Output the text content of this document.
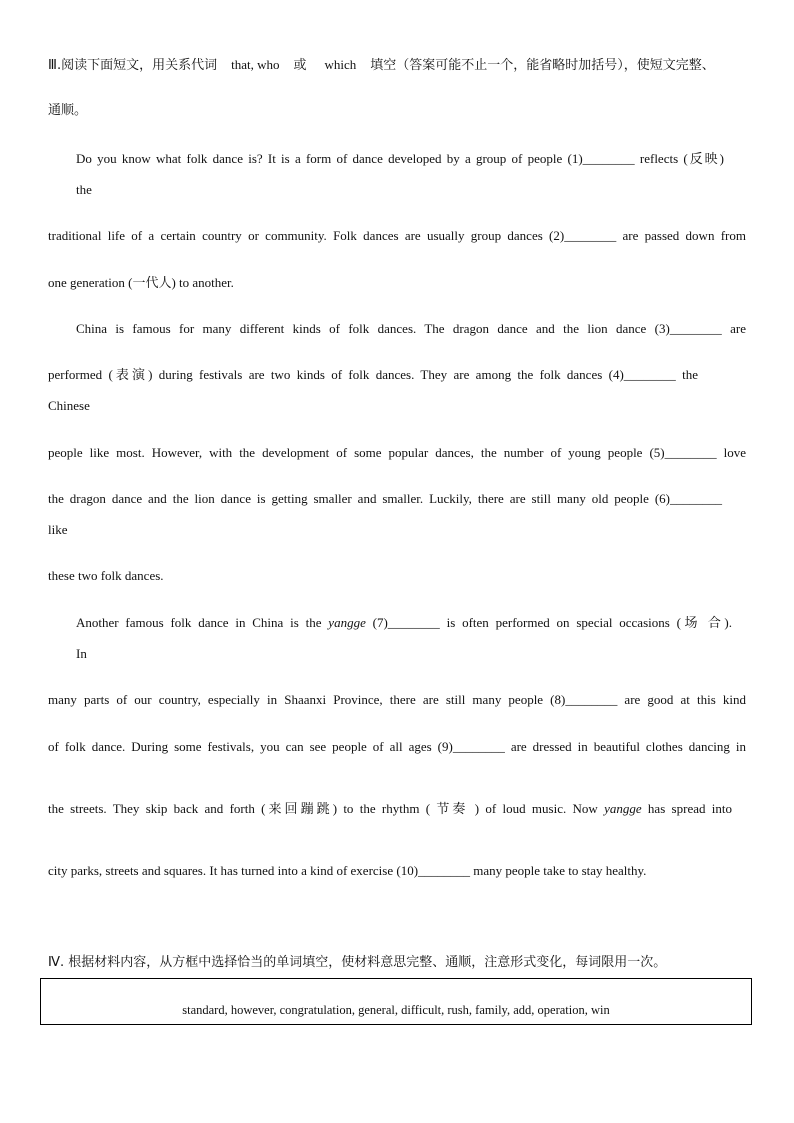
Ⅲ.阅读下面短文，用关系代词 that, who 或 which 填空（答案可能不止一个，能省略时加括号），使短文完整、
通顺。
Do you know what folk dance is? It is a form of dance developed by a group of people (1)________ reflects (反映)
the
traditional life of a certain country or community. Folk dances are usually group dances (2)________ are passed down from
one generation (一代人) to another.
China is famous for many different kinds of folk dances. The dragon dance and the lion dance (3)________ are
performed (表演) during festivals are two kinds of folk dances. They are among the folk dances (4)________ the
Chinese
people like most. However, with the development of some popular dances, the number of young people (5)________ love
the dragon dance and the lion dance is getting smaller and smaller. Luckily, there are still many old people (6)________
like
these two folk dances.
Another famous folk dance in China is the yangge (7)________ is often performed on special occasions (场 合).
In
many parts of our country, especially in Shaanxi Province, there are still many people (8)________ are good at this kind
of folk dance. During some festivals, you can see people of all ages (9)________ are dressed in beautiful clothes dancing in
the streets. They skip back and forth (来回蹦跳) to the rhythm ( 节奏 ) of loud music. Now yangge has spread into
city parks, streets and squares. It has turned into a kind of exercise (10)________ many people take to stay healthy.
Ⅳ. 根据材料内容，从方框中选择恰当的单词填空，使材料意思完整、通顺，注意形式变化，每词限用一次。
standard, however, congratulation, general, difficult, rush, family, add, operation, win
